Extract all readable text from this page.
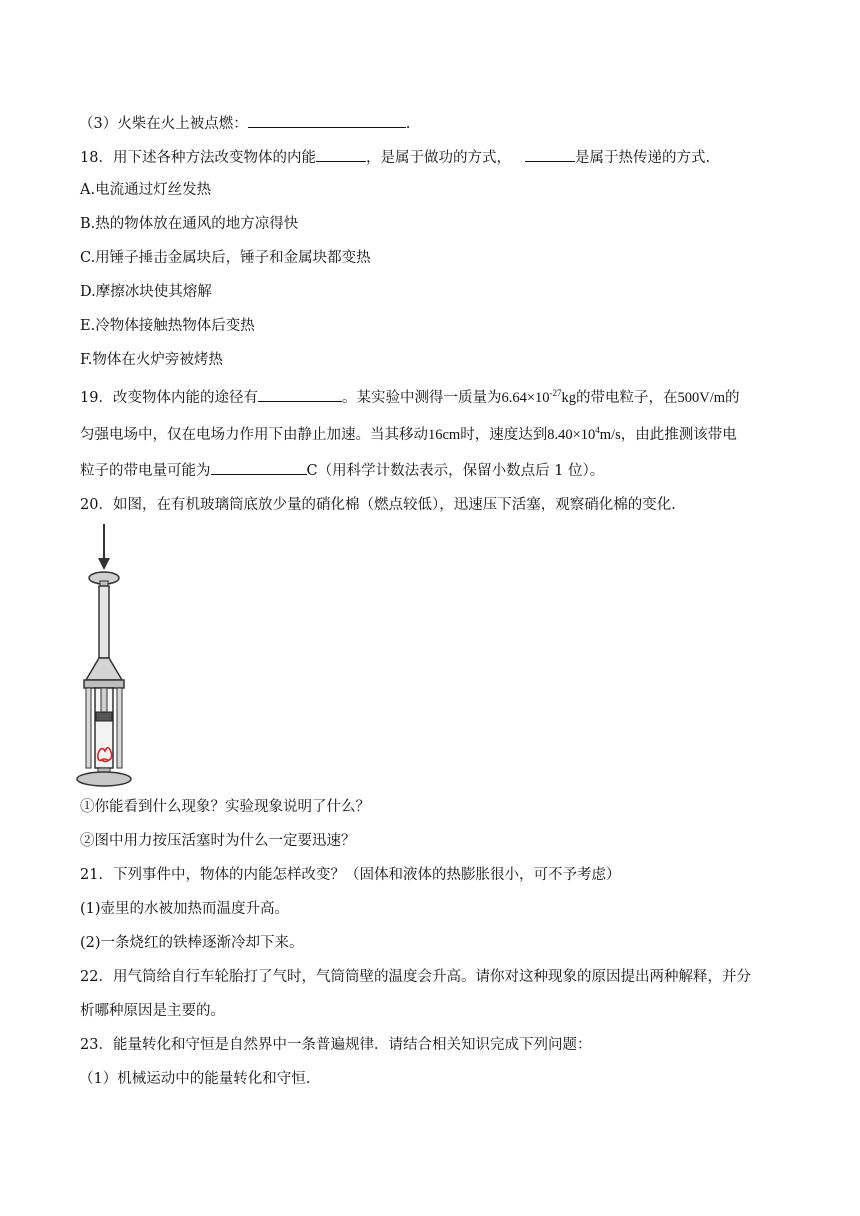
（3）火柴在火上被点燃：	.
18．用下述各种方法改变物体的内能	，是属于做功的方式，	是属于热传递的方式.
A.电流通过灯丝发热
B.热的物体放在通风的地方凉得快
C.用锤子捶击金属块后，锤子和金属块都变热
D.摩擦冰块使其熔解
E.冷物体接触热物体后变热
F.物体在火炉旁被烤热
19．改变物体内能的途径有	。某实验中测得一质量为$6.64\times 10^{-27}kg$的带电粒子，在500V/m的
匀强电场中，仅在电场力作用下由静止加速。当其移动16cm时，速度达到$8.40\times 10^4m/s$，由此推测该带电
粒子的带电量可能为	C（用科学计数法表示，保留小数点后 1 位）。
20．如图，在有机玻璃筒底放少量的硝化棉（燃点较低），迅速压下活塞，观察硝化棉的变化.
①你能看到什么现象？实验现象说明了什么？
②图中用力按压活塞时为什么一定要迅速？
21．下列事件中，物体的内能怎样改变？（固体和液体的热膨胀很小，可不予考虑）
(1)壶里的水被加热而温度升高。
(2)一条烧红的铁棒逐渐冷却下来。
22．用气筒给自行车轮胎打了气时，气筒筒壁的温度会升高。请你对这种现象的原因提出两种解释，并分
析哪种原因是主要的。
23．能量转化和守恒是自然界中一条普遍规律．请结合相关知识完成下列问题：
（1）机械运动中的能量转化和守恒.
